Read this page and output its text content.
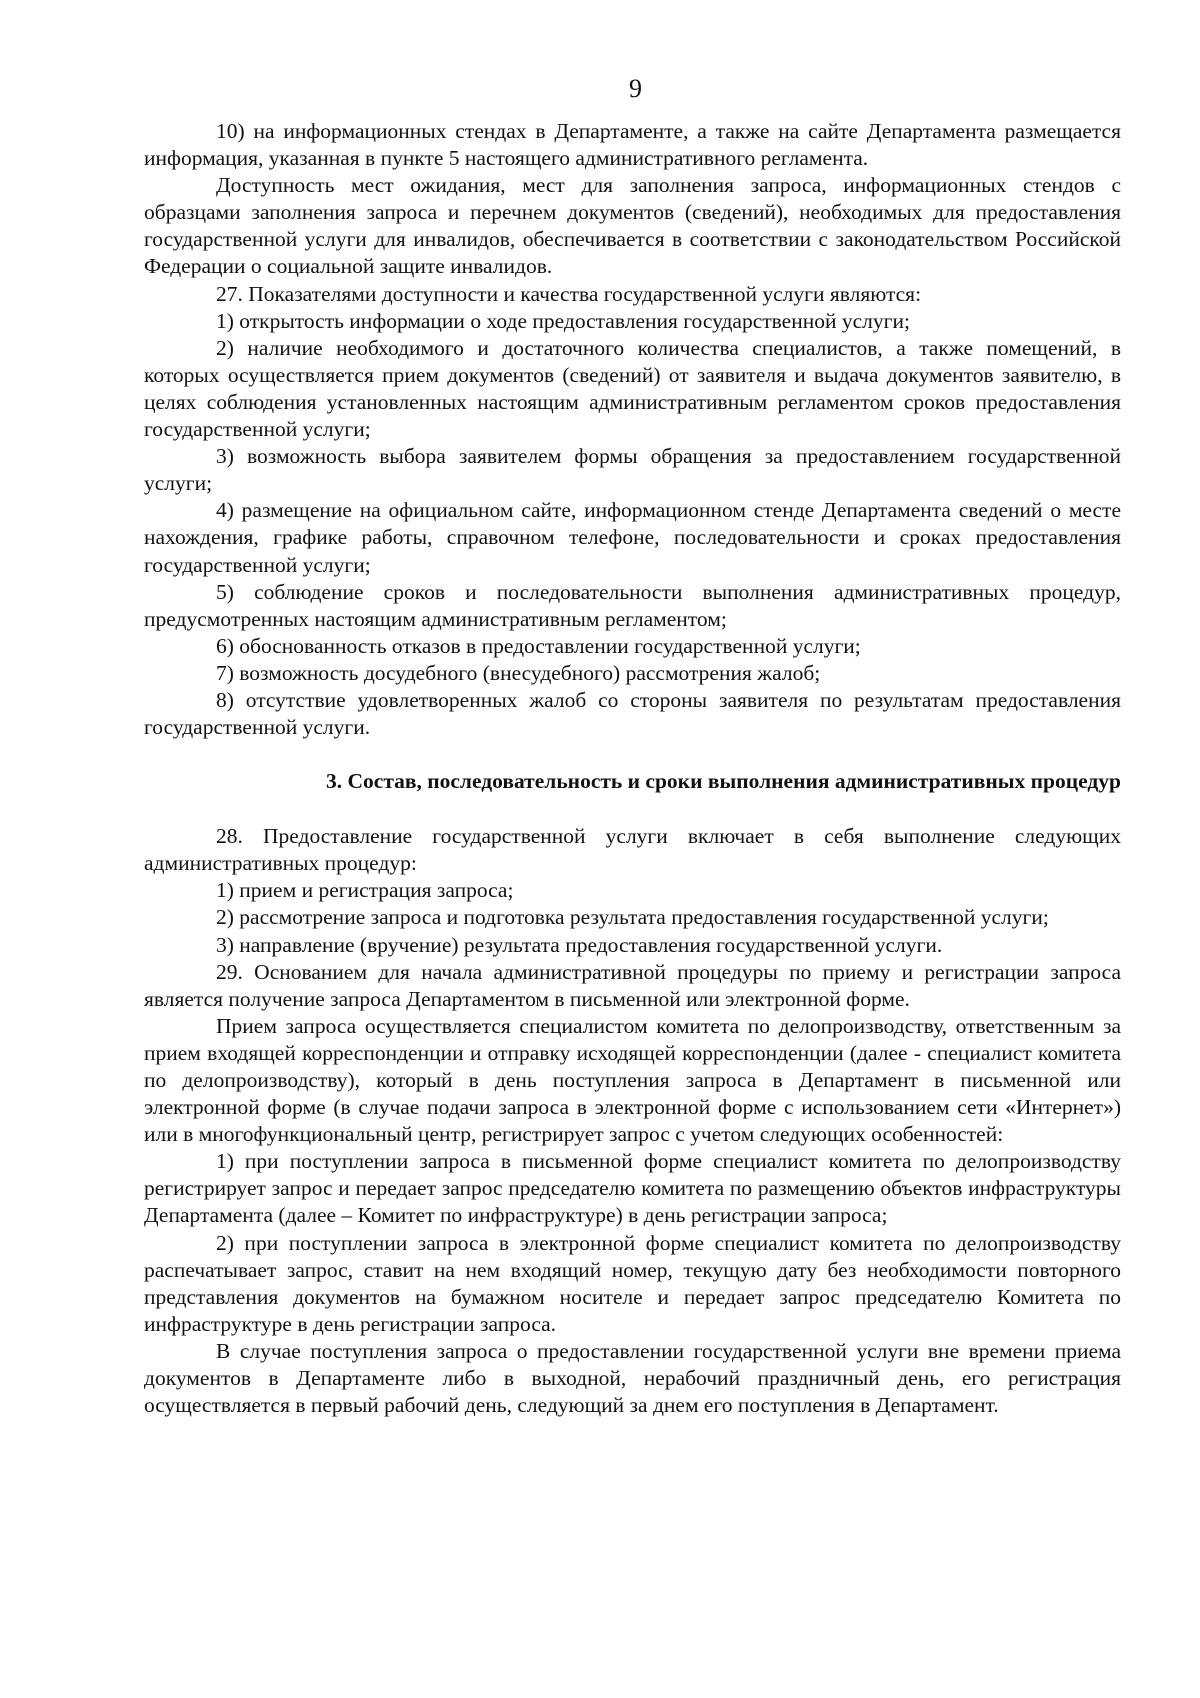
9

10) на информационных стендах в Департаменте, а также на сайте Департамента размещается информация, указанная в пункте 5 настоящего административного регламента.

Доступность мест ожидания, мест для заполнения запроса, информационных стендов с образцами заполнения запроса и перечнем документов (сведений), необходимых для предоставления государственной услуги для инвалидов, обеспечивается в соответствии с законодательством Российской Федерации о социальной защите инвалидов.

27. Показателями доступности и качества государственной услуги являются:

1) открытость информации о ходе предоставления государственной услуги;

2) наличие необходимого и достаточного количества специалистов, а также помещений, в которых осуществляется прием документов (сведений) от заявителя и выдача документов заявителю, в целях соблюдения установленных настоящим административным регламентом сроков предоставления государственной услуги;

3) возможность выбора заявителем формы обращения за предоставлением государственной услуги;

4) размещение на официальном сайте, информационном стенде Департамента сведений о месте нахождения, графике работы, справочном телефоне, последовательности и сроках предоставления государственной услуги;

5) соблюдение сроков и последовательности выполнения административных процедур, предусмотренных настоящим административным регламентом;

6) обоснованность отказов в предоставлении государственной услуги;

7) возможность досудебного (внесудебного) рассмотрения жалоб;

8) отсутствие удовлетворенных жалоб со стороны заявителя по результатам предоставления государственной услуги.

3. Состав, последовательность и сроки выполнения административных процедур

28. Предоставление государственной услуги включает в себя выполнение следующих административных процедур:

1) прием и регистрация запроса;

2) рассмотрение запроса и подготовка результата предоставления государственной услуги;

3) направление (вручение) результата предоставления государственной услуги.

29. Основанием для начала административной процедуры по приему и регистрации запроса является получение запроса Департаментом в письменной или электронной форме.

Прием запроса осуществляется специалистом комитета по делопроизводству, ответственным за прием входящей корреспонденции и отправку исходящей корреспонденции (далее - специалист комитета по делопроизводству), который в день поступления запроса в Департамент в письменной или электронной форме (в случае подачи запроса в электронной форме с использованием сети «Интернет») или в многофункциональный центр, регистрирует запрос с учетом следующих особенностей:

1) при поступлении запроса в письменной форме специалист комитета по делопроизводству регистрирует запрос и передает запрос председателю комитета по размещению объектов инфраструктуры Департамента (далее – Комитет по инфраструктуре) в день регистрации запроса;

2) при поступлении запроса в электронной форме специалист комитета по делопроизводству распечатывает запрос, ставит на нем входящий номер, текущую дату без необходимости повторного представления документов на бумажном носителе и передает запрос председателю Комитета по инфраструктуре в день регистрации запроса.

В случае поступления запроса о предоставлении государственной услуги вне времени приема документов в Департаменте либо в выходной, нерабочий праздничный день, его регистрация осуществляется в первый рабочий день, следующий за днем его поступления в Департамент.
